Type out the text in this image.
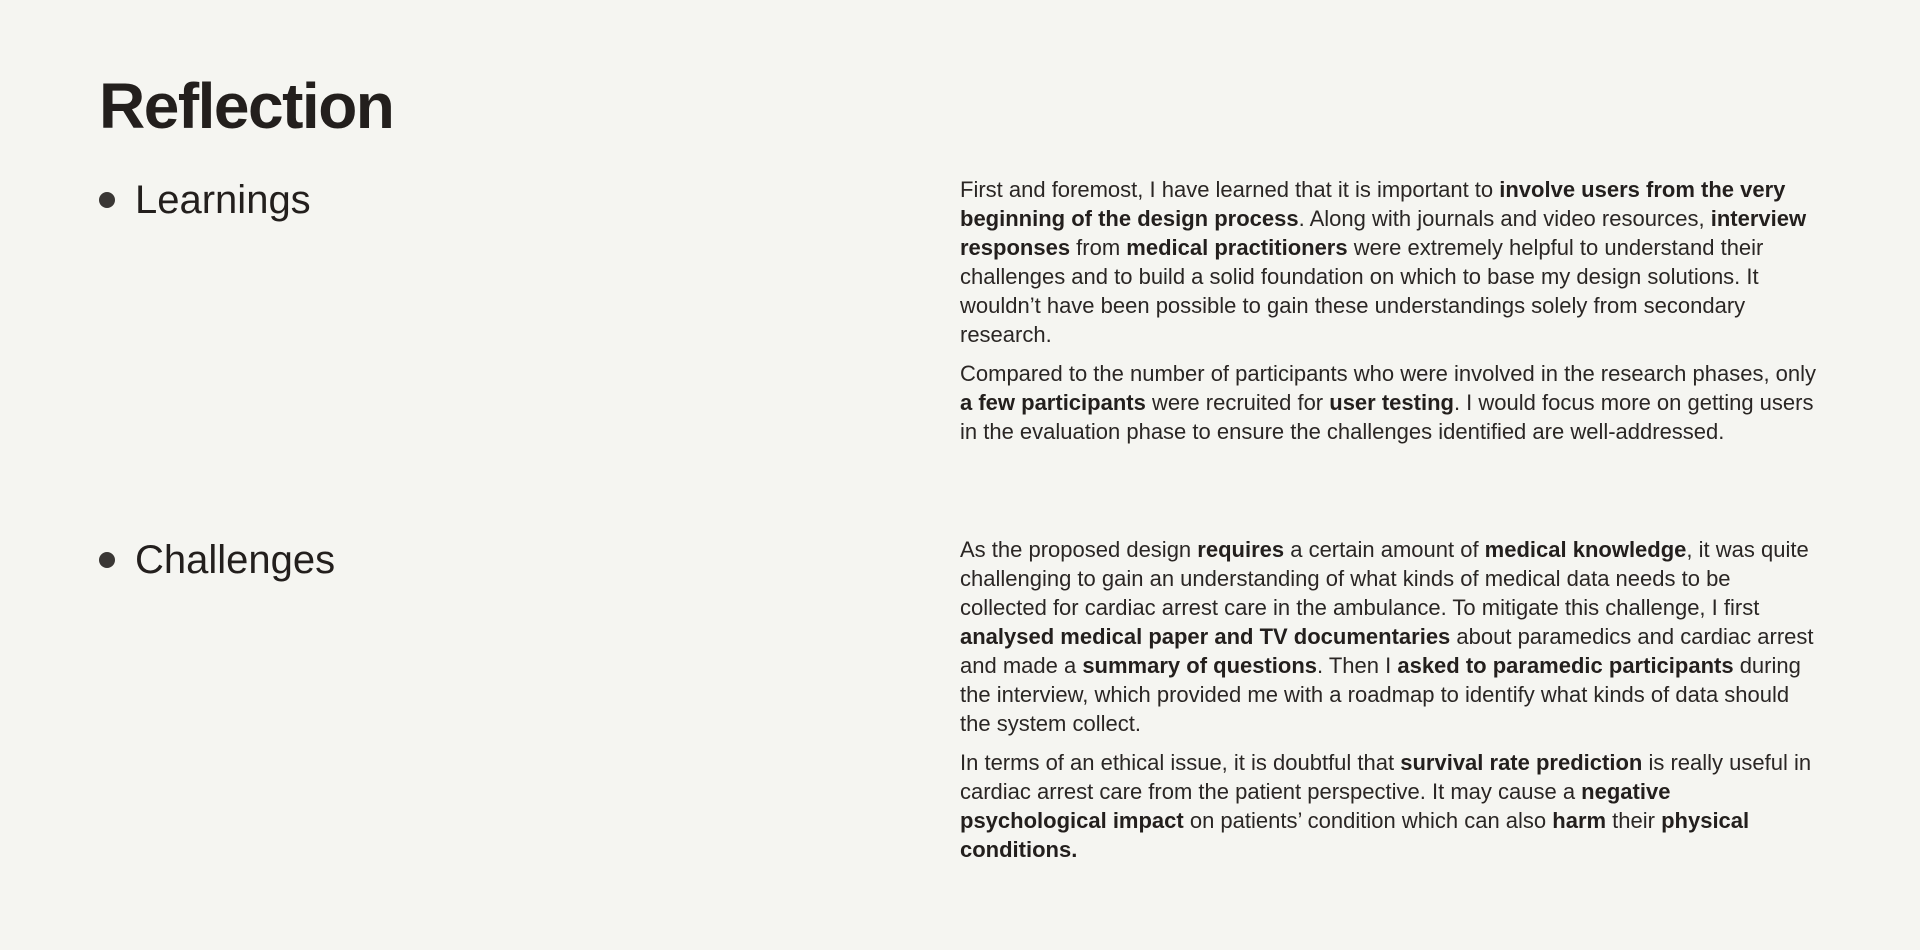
Reflection
Learnings	First and foremost, I have learned that it is important to involve users from the very beginning of the design process. Along with journals and video resources, interview responses from medical practitioners were extremely helpful to understand their challenges and to build a solid foundation on which to base my design solutions. It wouldn’t have been possible to gain these understandings solely from secondary research.

Compared to the number of participants who were involved in the research phases, only a few participants were recruited for user testing. I would focus more on getting users in the evaluation phase to ensure the challenges identified are well-addressed.

Challenges	As the proposed design requires a certain amount of medical knowledge, it was quite challenging to gain an understanding of what kinds of medical data needs to be collected for cardiac arrest care in the ambulance. To mitigate this challenge, I first analysed medical paper and TV documentaries about paramedics and cardiac arrest and made a summary of questions. Then I asked to paramedic participants during the interview, which provided me with a roadmap to identify what kinds of data should the system collect.

In terms of an ethical issue, it is doubtful that survival rate prediction is really useful in cardiac arrest care from the patient perspective. It may cause a negative psychological impact on patients’ condition which can also harm their physical conditions.
